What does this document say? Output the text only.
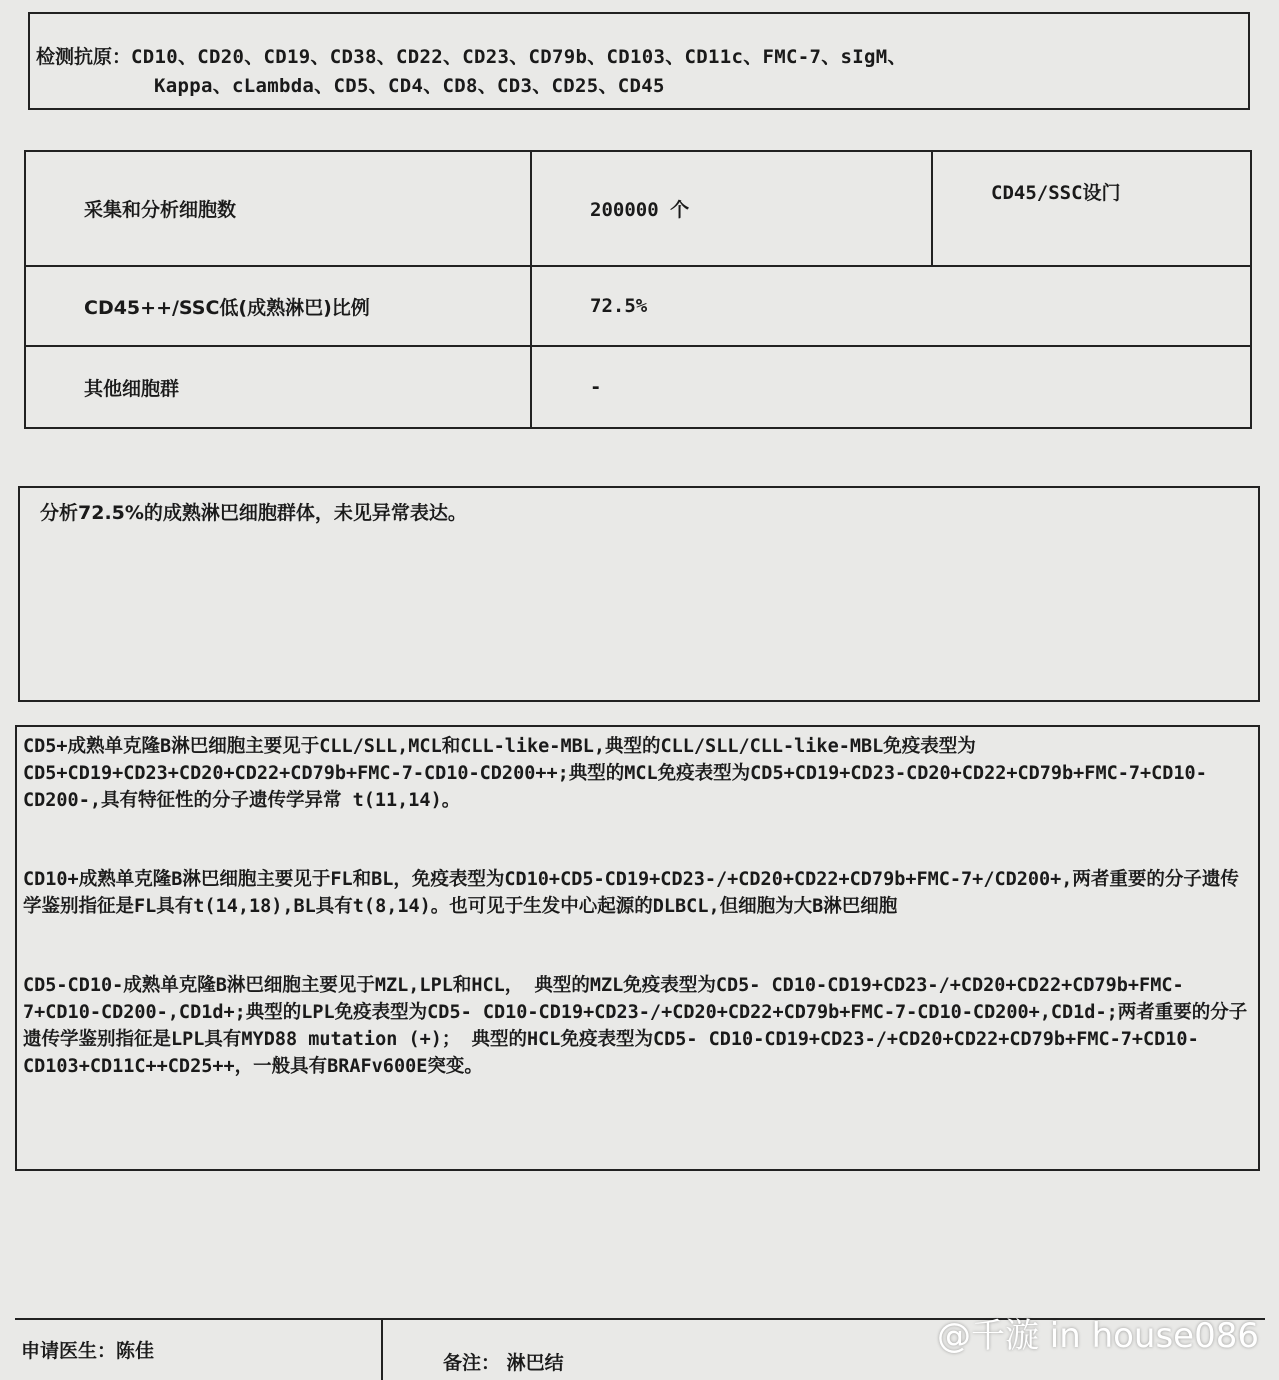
检测抗原：CD10、CD20、CD19、CD38、CD22、CD23、CD79b、CD103、CD11c、FMC-7、sIgM、
Kappa、cLambda、CD5、CD4、CD8、CD3、CD25、CD45
采集和分析细胞数	200000 个	CD45/SSC设门
CD45++/SSC低(成熟淋巴)比例	72.5%	
其他细胞群	-	
分析72.5%的成熟淋巴细胞群体，未见异常表达。

CD5+成熟单克隆B淋巴细胞主要见于CLL/SLL,MCL和CLL-like-MBL,典型的CLL/SLL/CLL-like-MBL免疫表型为CD5+CD19+CD23+CD20+CD22+CD79b+FMC-7-CD10-CD200++;典型的MCL免疫表型为CD5+CD19+CD23-CD20+CD22+CD79b+FMC-7+CD10-CD200-,具有特征性的分子遗传学异常 t(11,14)。

CD10+成熟单克隆B淋巴细胞主要见于FL和BL，免疫表型为CD10+CD5-CD19+CD23-/+CD20+CD22+CD79b+FMC-7+/CD200+,两者重要的分子遗传学鉴别指征是FL具有t(14,18),BL具有t(8,14)。也可见于生发中心起源的DLBCL,但细胞为大B淋巴细胞

CD5-CD10-成熟单克隆B淋巴细胞主要见于MZL,LPL和HCL， 典型的MZL免疫表型为CD5- CD10-CD19+CD23-/+CD20+CD22+CD79b+FMC-7+CD10-CD200-,CD1d+;典型的LPL免疫表型为CD5- CD10-CD19+CD23-/+CD20+CD22+CD79b+FMC-7-CD10-CD200+,CD1d-;两者重要的分子遗传学鉴别指征是LPL具有MYD88 mutation (+)； 典型的HCL免疫表型为CD5- CD10-CD19+CD23-/+CD20+CD22+CD79b+FMC-7+CD10-CD103+CD11C++CD25++，一般具有BRAFv600E突变。

申请医生：陈佳
备注： 淋巴结
@千漩 in house086
